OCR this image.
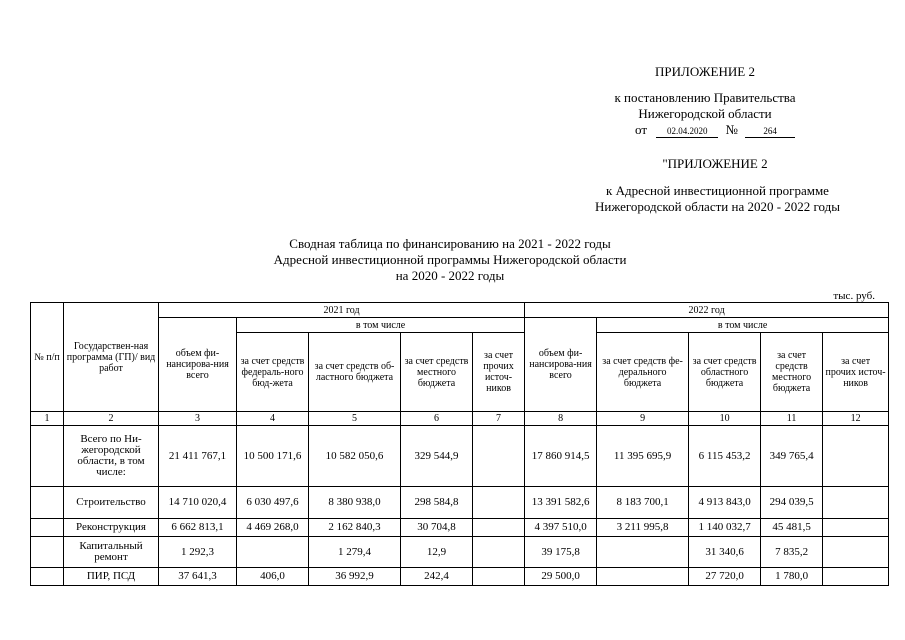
ПРИЛОЖЕНИЕ 2
к постановлению Правительства
Нижегородской области
от 02.04.2020 №	264
"ПРИЛОЖЕНИЕ 2
к Адресной инвестиционной программе
Нижегородской области на 2020 - 2022 годы
Сводная таблица по финансированию на 2021 - 2022 годы
Адресной инвестиционной программы Нижегородской области
на 2020 - 2022 годы
тыс. руб.
№ п/п	Государствен-ная программа (ГП)/ вид работ	2021 год					2022 год				
		объем фи-нансирова-ния всего	в том числе				объем фи-нансирова-ния всего	в том числе			
			за счет средств федераль-ного бюд-жета	за счет средств об-ластного бюджета	за счет средств местного бюджета	за счет прочих источ-ников		за счет средств фе-дерального бюджета	за счет средств областного бюджета	за счет средств местного бюджета	за счет прочих источ-ников
1	2	3	4	5	6	7	8	9	10	11	12
	Всего по Ни-жегородской области, в том числе:	21 411 767,1	10 500 171,6	10 582 050,6	329 544,9		17 860 914,5	11 395 695,9	6 115 453,2	349 765,4	
	Строительство	14 710 020,4	6 030 497,6	8 380 938,0	298 584,8		13 391 582,6	8 183 700,1	4 913 843,0	294 039,5	
	Реконструкция	6 662 813,1	4 469 268,0	2 162 840,3	30 704,8		4 397 510,0	3 211 995,8	1 140 032,7	45 481,5	
	Капитальный ремонт	1 292,3		1 279,4	12,9		39 175,8		31 340,6	7 835,2	
	ПИР, ПСД	37 641,3	406,0	36 992,9	242,4		29 500,0		27 720,0	1 780,0	
